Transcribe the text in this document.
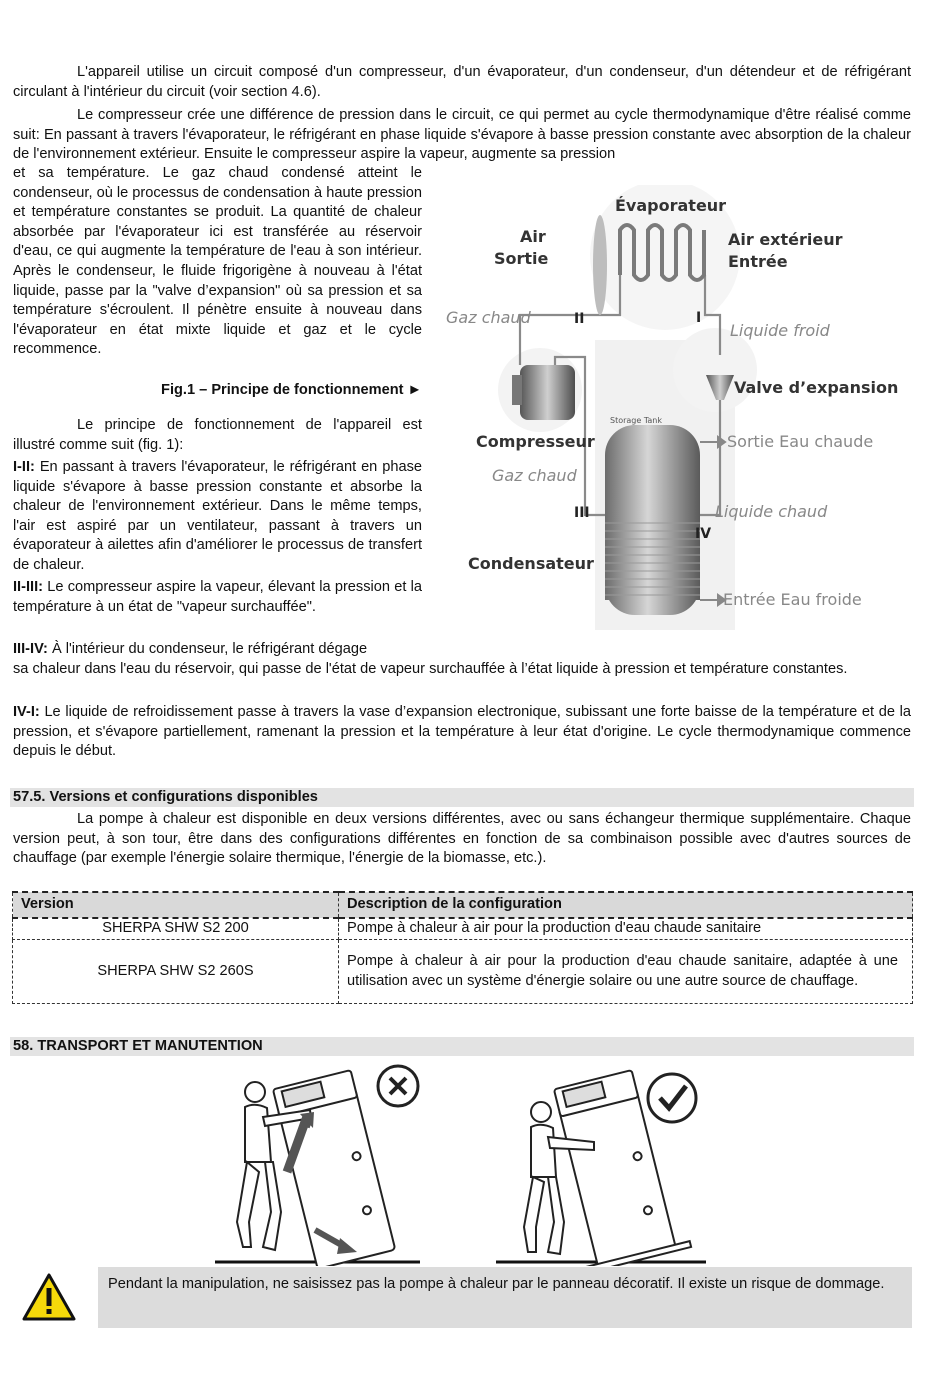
L'appareil utilise un circuit composé d'un compresseur, d'un évaporateur, d'un condenseur, d'un détendeur et de réfrigérant circulant à l'intérieur du circuit (voir section 4.6).

Le compresseur crée une différence de pression dans le circuit, ce qui permet au cycle thermodynamique d'être réalisé comme suit: En passant à travers l'évaporateur, le réfrigérant en phase liquide s'évapore à basse pression constante avec absorption de la chaleur de l'environnement extérieur. Ensuite le compresseur aspire la vapeur, augmente sa pression

et sa température. Le gaz chaud condensé atteint le condenseur, où le processus de condensation à haute pression et température constantes se produit. La quantité de chaleur absorbée par l'évaporateur ici est transférée au réservoir d'eau, ce qui augmente la température de l'eau à son intérieur. Après le condenseur, le fluide frigorigène à nouveau à l'état liquide, passe par la "valve d’expansion" où sa pression et sa température s'écroulent. Il pénètre ensuite à nouveau dans l'évaporateur en état mixte liquide et gaz et le cycle recommence.

Fig.1 – Principe de fonctionnement ►

Le principe de fonctionnement de l'appareil est illustré comme suit (fig. 1):

I-II: En passant à travers l'évaporateur, le réfrigérant en phase liquide s'évapore à basse pression constante et absorbe la chaleur de l'environnement extérieur. Dans le même temps, l'air est aspiré par un ventilateur, passant à travers un évaporateur à ailettes afin d'améliorer le processus de transfert de chaleur.

II-III: Le compresseur aspire la vapeur, élevant la pression et la température à un état de "vapeur surchauffée".

III-IV: À l'intérieur du condenseur, le réfrigérant dégage

sa chaleur dans l'eau du réservoir, qui passe de l'état de vapeur surchauffée à l’état liquide à pression et température constantes.

IV-I: Le liquide de refroidissement passe à travers la vase d’expansion electronique, subissant une forte baisse de la température et de la pression, et s'évapore partiellement, ramenant la pression et la température à leur état d'origine. Le cycle thermodynamique commence depuis le début.

Évaporateur
Air
Sortie
Air extérieur
Entrée
Gaz chaud	II	I
Liquide froid
Valve d’expansion
Compresseur
Storage Tank
Sortie Eau chaude
Gaz chaud
III	Liquide chaud
IV
Condensateur
Entrée Eau froide
57.5. Versions et configurations disponibles

La pompe à chaleur est disponible en deux versions différentes, avec ou sans échangeur thermique supplémentaire. Chaque version peut, à son tour, être dans des configurations différentes en fonction de sa combinaison possible avec d'autres sources de chauffage (par exemple l'énergie solaire thermique, l'énergie de la biomasse, etc.).

Version	Description de la configuration
SHERPA SHW S2 200	Pompe à chaleur à air pour la production d'eau chaude sanitaire
SHERPA SHW S2 260S	Pompe à chaleur à air pour la production d'eau chaude sanitaire, adaptée à une utilisation avec un système d'énergie solaire ou une autre source de chauffage.
58. TRANSPORT ET MANUTENTION
Pendant la manipulation, ne saisissez pas la pompe à chaleur par le panneau décoratif. Il existe un risque de dommage.
